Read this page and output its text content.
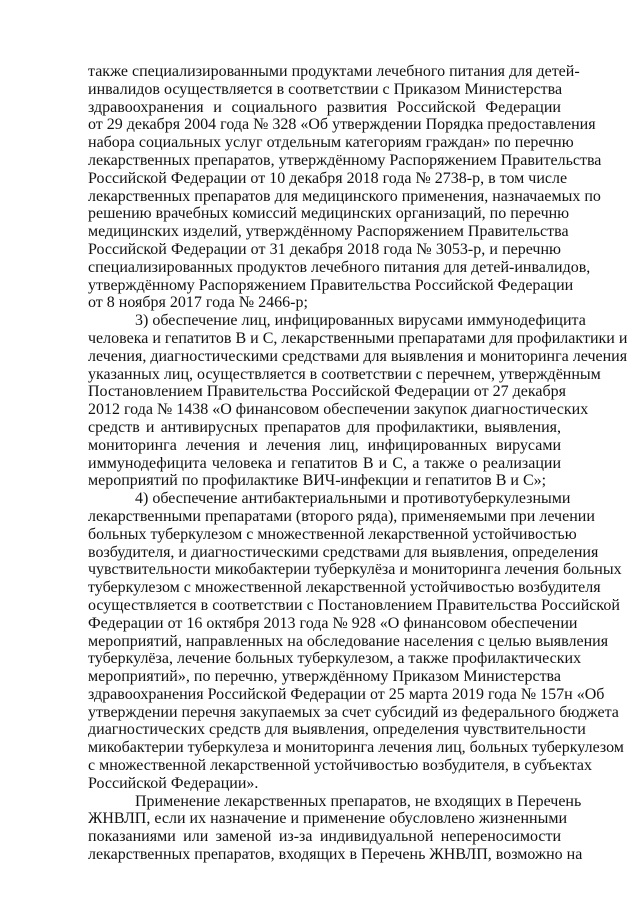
также специализированными продуктами лечебного питания для детей-
инвалидов осуществляется в соответствии с Приказом Министерства
здравоохранения и социального развития Российской Федерации
от 29 декабря 2004 года № 328 «Об утверждении Порядка предоставления
набора социальных услуг отдельным категориям граждан» по перечню
лекарственных препаратов, утверждённому Распоряжением Правительства
Российской Федерации от 10 декабря 2018 года № 2738-р, в том числе
лекарственных препаратов для медицинского применения, назначаемых по
решению врачебных комиссий медицинских организаций, по перечню
медицинских изделий, утверждённому Распоряжением Правительства
Российской Федерации от 31 декабря 2018 года № 3053-р, и перечню
специализированных продуктов лечебного питания для детей-инвалидов,
утверждённому Распоряжением Правительства Российской Федерации
от 8 ноября 2017 года № 2466-р;
3) обеспечение лиц, инфицированных вирусами иммунодефицита
человека и гепатитов В и С, лекарственными препаратами для профилактики и
лечения, диагностическими средствами для выявления и мониторинга лечения
указанных лиц, осуществляется в соответствии с перечнем, утверждённым
Постановлением Правительства Российской Федерации от 27 декабря
2012 года № 1438 «О финансовом обеспечении закупок диагностических
средств и антивирусных препаратов для профилактики, выявления,
мониторинга лечения и лечения лиц, инфицированных вирусами
иммунодефицита человека и гепатитов В и С, а также о реализации
мероприятий по профилактике ВИЧ-инфекции и гепатитов В и С»;
4) обеспечение антибактериальными и противотуберкулезными
лекарственными препаратами (второго ряда), применяемыми при лечении
больных туберкулезом с множественной лекарственной устойчивостью
возбудителя, и диагностическими средствами для выявления, определения
чувствительности микобактерии туберкулёза и мониторинга лечения больных
туберкулезом с множественной лекарственной устойчивостью возбудителя
осуществляется в соответствии с Постановлением Правительства Российской
Федерации от 16 октября 2013 года № 928 «О финансовом обеспечении
мероприятий, направленных на обследование населения с целью выявления
туберкулёза, лечение больных туберкулезом, а также профилактических
мероприятий», по перечню, утверждённому Приказом Министерства
здравоохранения Российской Федерации от 25 марта 2019 года № 157н «Об
утверждении перечня закупаемых за счет субсидий из федерального бюджета
диагностических средств для выявления, определения чувствительности
микобактерии туберкулеза и мониторинга лечения лиц, больных туберкулезом
с множественной лекарственной устойчивостью возбудителя, в субъектах
Российской Федерации».
Применение лекарственных препаратов, не входящих в Перечень
ЖНВЛП, если их назначение и применение обусловлено жизненными
показаниями или заменой из-за индивидуальной непереносимости
лекарственных препаратов, входящих в Перечень ЖНВЛП, возможно на
